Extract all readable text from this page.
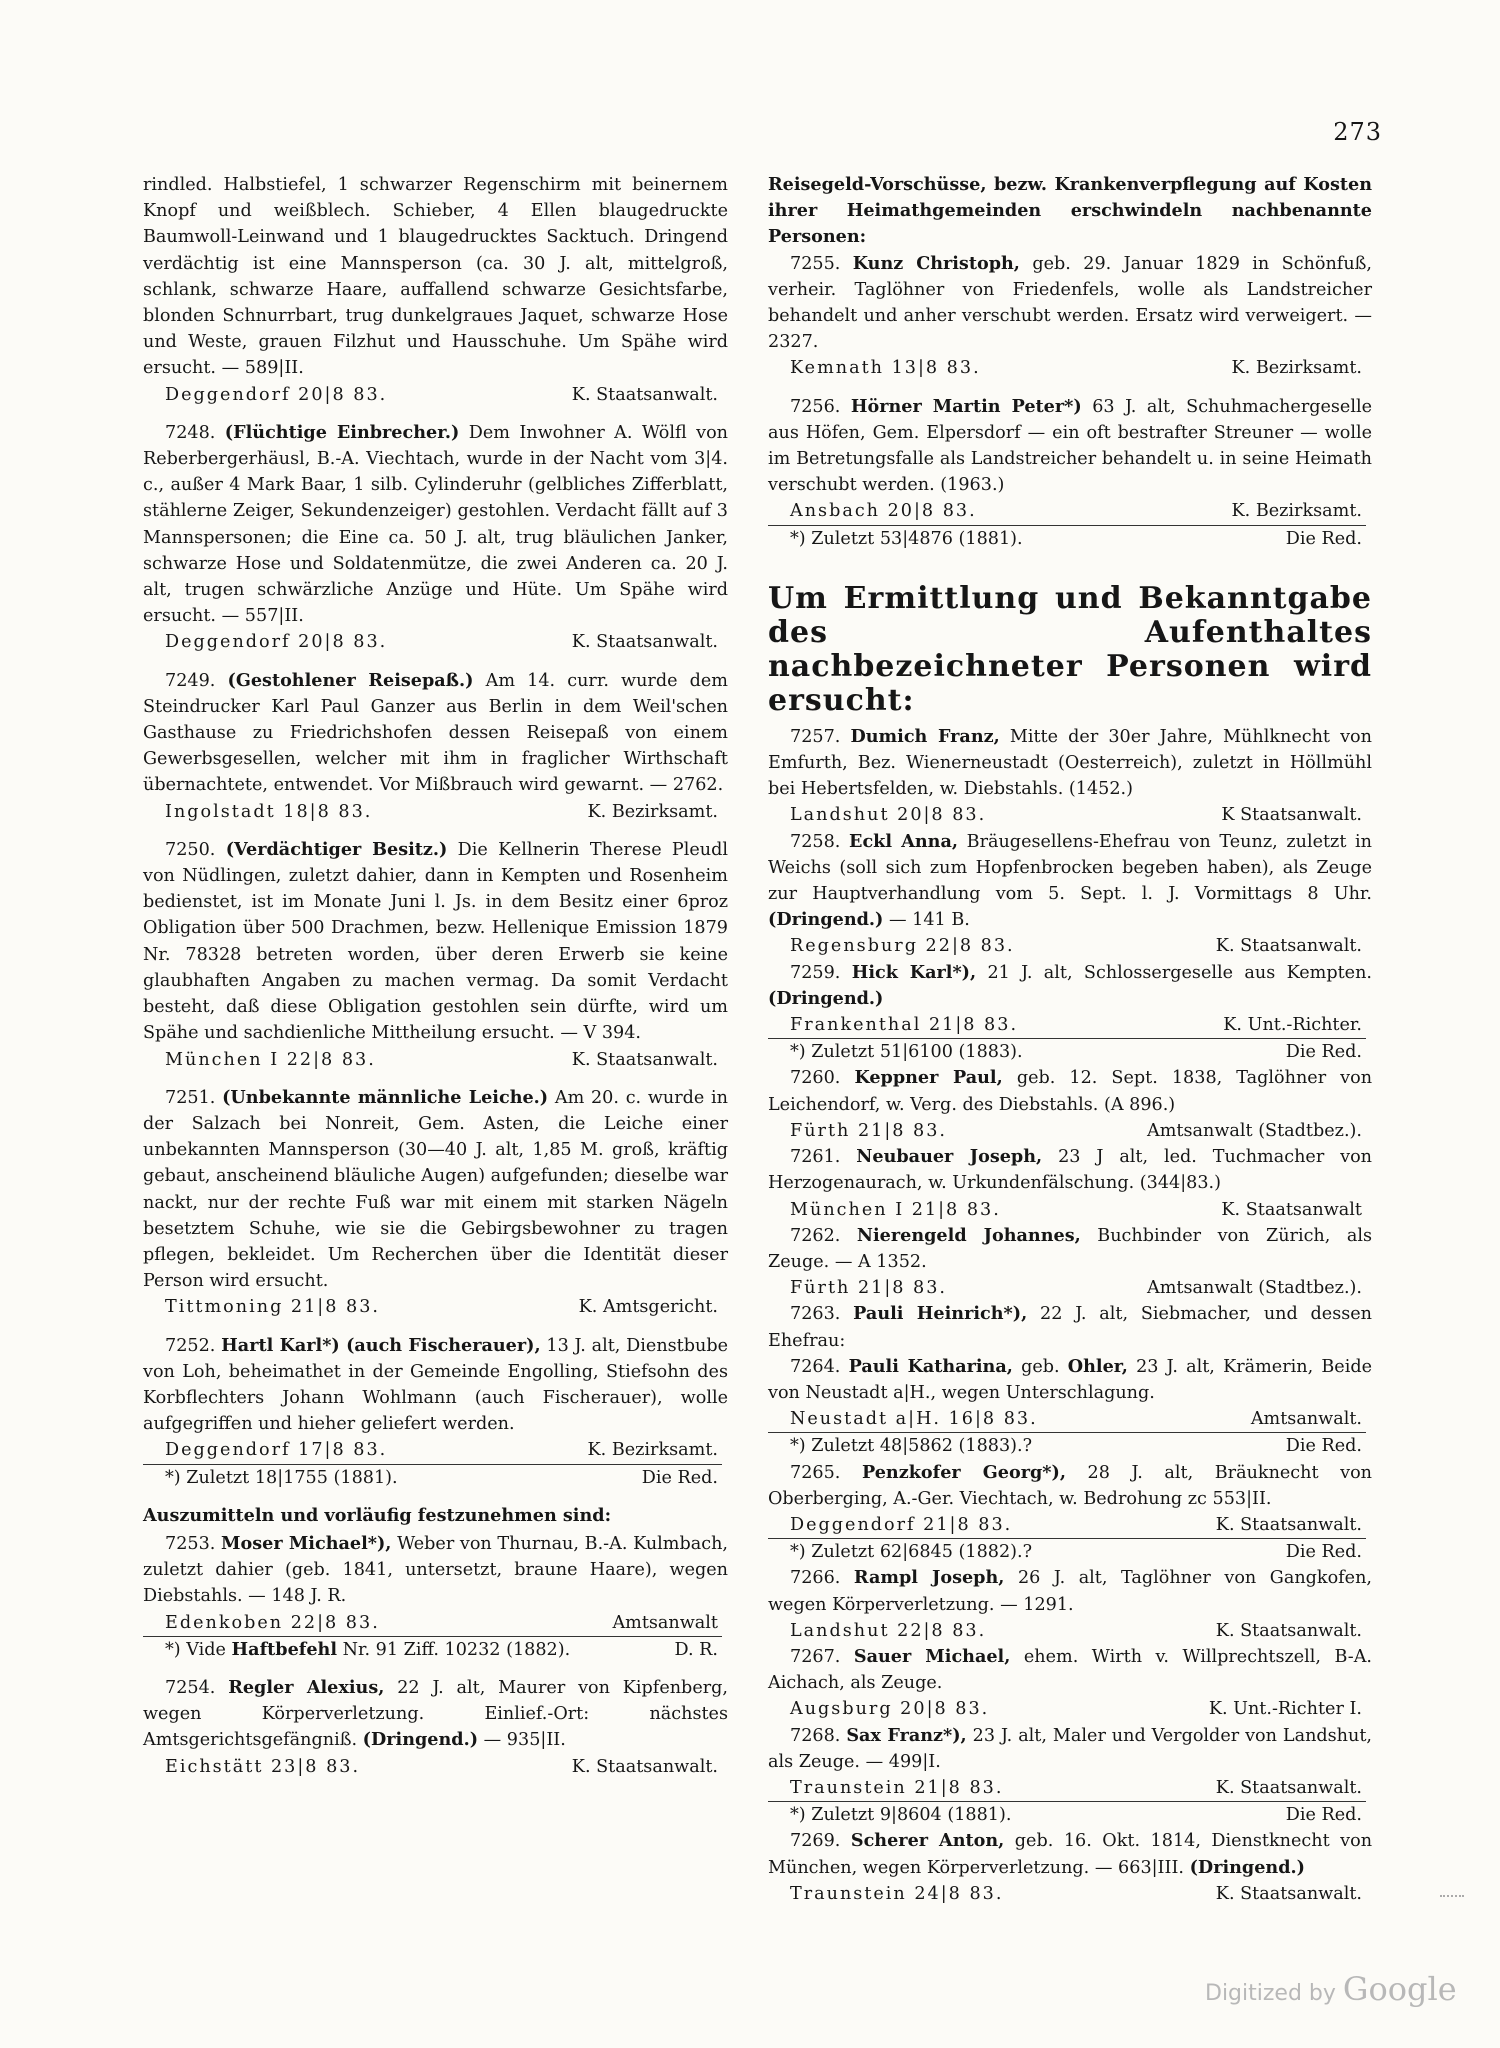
273
rindled. Halbstiefel, 1 schwarzer Regenschirm mit beinernem Knopf und weißblech. Schieber, 4 Ellen blaugedruckte Baumwoll-Leinwand und 1 blaugedrucktes Sacktuch. Dringend verdächtig ist eine Mannsperson (ca. 30 J. alt, mittelgroß, schlank, schwarze Haare, auffallend schwarze Gesichtsfarbe, blonden Schnurrbart, trug dunkelgraues Jaquet, schwarze Hose und Weste, grauen Filzhut und Hausschuhe. Um Spähe wird ersucht. — 589|II.
Deggendorf 20|8 83.	K. Staatsanwalt.
7248. (Flüchtige Einbrecher.) Dem Inwohner A. Wölfl von Reberbergerhäusl, B.-A. Viechtach, wurde in der Nacht vom 3|4. c., außer 4 Mark Baar, 1 silb. Cylinderuhr (gelbliches Zifferblatt, stählerne Zeiger, Sekundenzeiger) gestohlen. Verdacht fällt auf 3 Mannspersonen; die Eine ca. 50 J. alt, trug bläulichen Janker, schwarze Hose und Soldatenmütze, die zwei Anderen ca. 20 J. alt, trugen schwärzliche Anzüge und Hüte. Um Spähe wird ersucht. — 557|II.
Deggendorf 20|8 83.	K. Staatsanwalt.
7249. (Gestohlener Reisepaß.) Am 14. curr. wurde dem Steindrucker Karl Paul Ganzer aus Berlin in dem Weil'schen Gasthause zu Friedrichshofen dessen Reisepaß von einem Gewerbsgesellen, welcher mit ihm in fraglicher Wirthschaft übernachtete, entwendet. Vor Mißbrauch wird gewarnt. — 2762.
Ingolstadt 18|8 83.	K. Bezirksamt.
7250. (Verdächtiger Besitz.) Die Kellnerin Therese Pleudl von Nüdlingen, zuletzt dahier, dann in Kempten und Rosenheim bedienstet, ist im Monate Juni l. Js. in dem Besitz einer 6proz Obligation über 500 Drachmen, bezw. Hellenique Emission 1879 Nr. 78328 betreten worden, über deren Erwerb sie keine glaubhaften Angaben zu machen vermag. Da somit Verdacht besteht, daß diese Obligation gestohlen sein dürfte, wird um Spähe und sachdienliche Mittheilung ersucht. — V 394.
München I 22|8 83.	K. Staatsanwalt.
7251. (Unbekannte männliche Leiche.) Am 20. c. wurde in der Salzach bei Nonreit, Gem. Asten, die Leiche einer unbekannten Mannsperson (30—40 J. alt, 1,85 M. groß, kräftig gebaut, anscheinend bläuliche Augen) aufgefunden; dieselbe war nackt, nur der rechte Fuß war mit einem mit starken Nägeln besetztem Schuhe, wie sie die Gebirgsbewohner zu tragen pflegen, bekleidet. Um Recherchen über die Identität dieser Person wird ersucht.
Tittmoning 21|8 83.	K. Amtsgericht.
7252. Hartl Karl*) (auch Fischerauer), 13 J. alt, Dienstbube von Loh, beheimathet in der Gemeinde Engolling, Stiefsohn des Korbflechters Johann Wohlmann (auch Fischerauer), wolle aufgegriffen und hieher geliefert werden.
Deggendorf 17|8 83.	K. Bezirksamt.
*) Zuletzt 18|1755 (1881).	Die Red.
Auszumitteln und vorläufig festzunehmen sind:
7253. Moser Michael*), Weber von Thurnau, B.-A. Kulmbach, zuletzt dahier (geb. 1841, untersetzt, braune Haare), wegen Diebstahls. — 148 J. R.
Edenkoben 22|8 83.	Amtsanwalt
*) Vide Haftbefehl Nr. 91 Ziff. 10232 (1882).	D. R.
7254. Regler Alexius, 22 J. alt, Maurer von Kipfenberg, wegen Körperverletzung. Einlief.-Ort: nächstes Amtsgerichtsgefängniß. (Dringend.) — 935|II.
Eichstätt 23|8 83.	K. Staatsanwalt.
Reisegeld-Vorschüsse, bezw. Krankenverpflegung auf Kosten ihrer Heimathgemeinden erschwindeln nachbenannte Personen:
7255. Kunz Christoph, geb. 29. Januar 1829 in Schönfuß, verheir. Taglöhner von Friedenfels, wolle als Landstreicher behandelt und anher verschubt werden. Ersatz wird verweigert. — 2327.
Kemnath 13|8 83.	K. Bezirksamt.
7256. Hörner Martin Peter*) 63 J. alt, Schuhmachergeselle aus Höfen, Gem. Elpersdorf — ein oft bestrafter Streuner — wolle im Betretungsfalle als Landstreicher behandelt u. in seine Heimath verschubt werden. (1963.)
Ansbach 20|8 83.	K. Bezirksamt.
*) Zuletzt 53|4876 (1881).	Die Red.
Um Ermittlung und Bekanntgabe des Aufenthaltes nachbezeichneter Personen wird ersucht:
7257. Dumich Franz, Mitte der 30er Jahre, Mühlknecht von Emfurth, Bez. Wienerneustadt (Oesterreich), zuletzt in Höllmühl bei Hebertsfelden, w. Diebstahls. (1452.)
Landshut 20|8 83.	K Staatsanwalt.
7258. Eckl Anna, Bräugesellens-Ehefrau von Teunz, zuletzt in Weichs (soll sich zum Hopfenbrocken begeben haben), als Zeuge zur Hauptverhandlung vom 5. Sept. l. J. Vormittags 8 Uhr. (Dringend.) — 141 B.
Regensburg 22|8 83.	K. Staatsanwalt.
7259. Hick Karl*), 21 J. alt, Schlossergeselle aus Kempten. (Dringend.)
Frankenthal 21|8 83.	K. Unt.-Richter.
*) Zuletzt 51|6100 (1883).	Die Red.
7260. Keppner Paul, geb. 12. Sept. 1838, Taglöhner von Leichendorf, w. Verg. des Diebstahls. (A 896.)
Fürth 21|8 83.	Amtsanwalt (Stadtbez.).
7261. Neubauer Joseph, 23 J alt, led. Tuchmacher von Herzogenaurach, w. Urkundenfälschung. (344|83.)
München I 21|8 83.	K. Staatsanwalt
7262. Nierengeld Johannes, Buchbinder von Zürich, als Zeuge. — A 1352.
Fürth 21|8 83.	Amtsanwalt (Stadtbez.).
7263. Pauli Heinrich*), 22 J. alt, Siebmacher, und dessen Ehefrau:
7264. Pauli Katharina, geb. Ohler, 23 J. alt, Krämerin, Beide von Neustadt a|H., wegen Unterschlagung.
Neustadt a|H. 16|8 83.	Amtsanwalt.
*) Zuletzt 48|5862 (1883).?	Die Red.
7265. Penzkofer Georg*), 28 J. alt, Bräuknecht von Oberberging, A.-Ger. Viechtach, w. Bedrohung zc 553|II.
Deggendorf 21|8 83.	K. Staatsanwalt.
*) Zuletzt 62|6845 (1882).?	Die Red.
7266. Rampl Joseph, 26 J. alt, Taglöhner von Gangkofen, wegen Körperverletzung. — 1291.
Landshut 22|8 83.	K. Staatsanwalt.
7267. Sauer Michael, ehem. Wirth v. Willprechtszell, B-A. Aichach, als Zeuge.
Augsburg 20|8 83.	K. Unt.-Richter I.
7268. Sax Franz*), 23 J. alt, Maler und Vergolder von Landshut, als Zeuge. — 499|I.
Traunstein 21|8 83.	K. Staatsanwalt.
*) Zuletzt 9|8604 (1881).	Die Red.
7269. Scherer Anton, geb. 16. Okt. 1814, Dienstknecht von München, wegen Körperverletzung. — 663|III. (Dringend.)
Traunstein 24|8 83.	K. Staatsanwalt.
Digitized by Google
